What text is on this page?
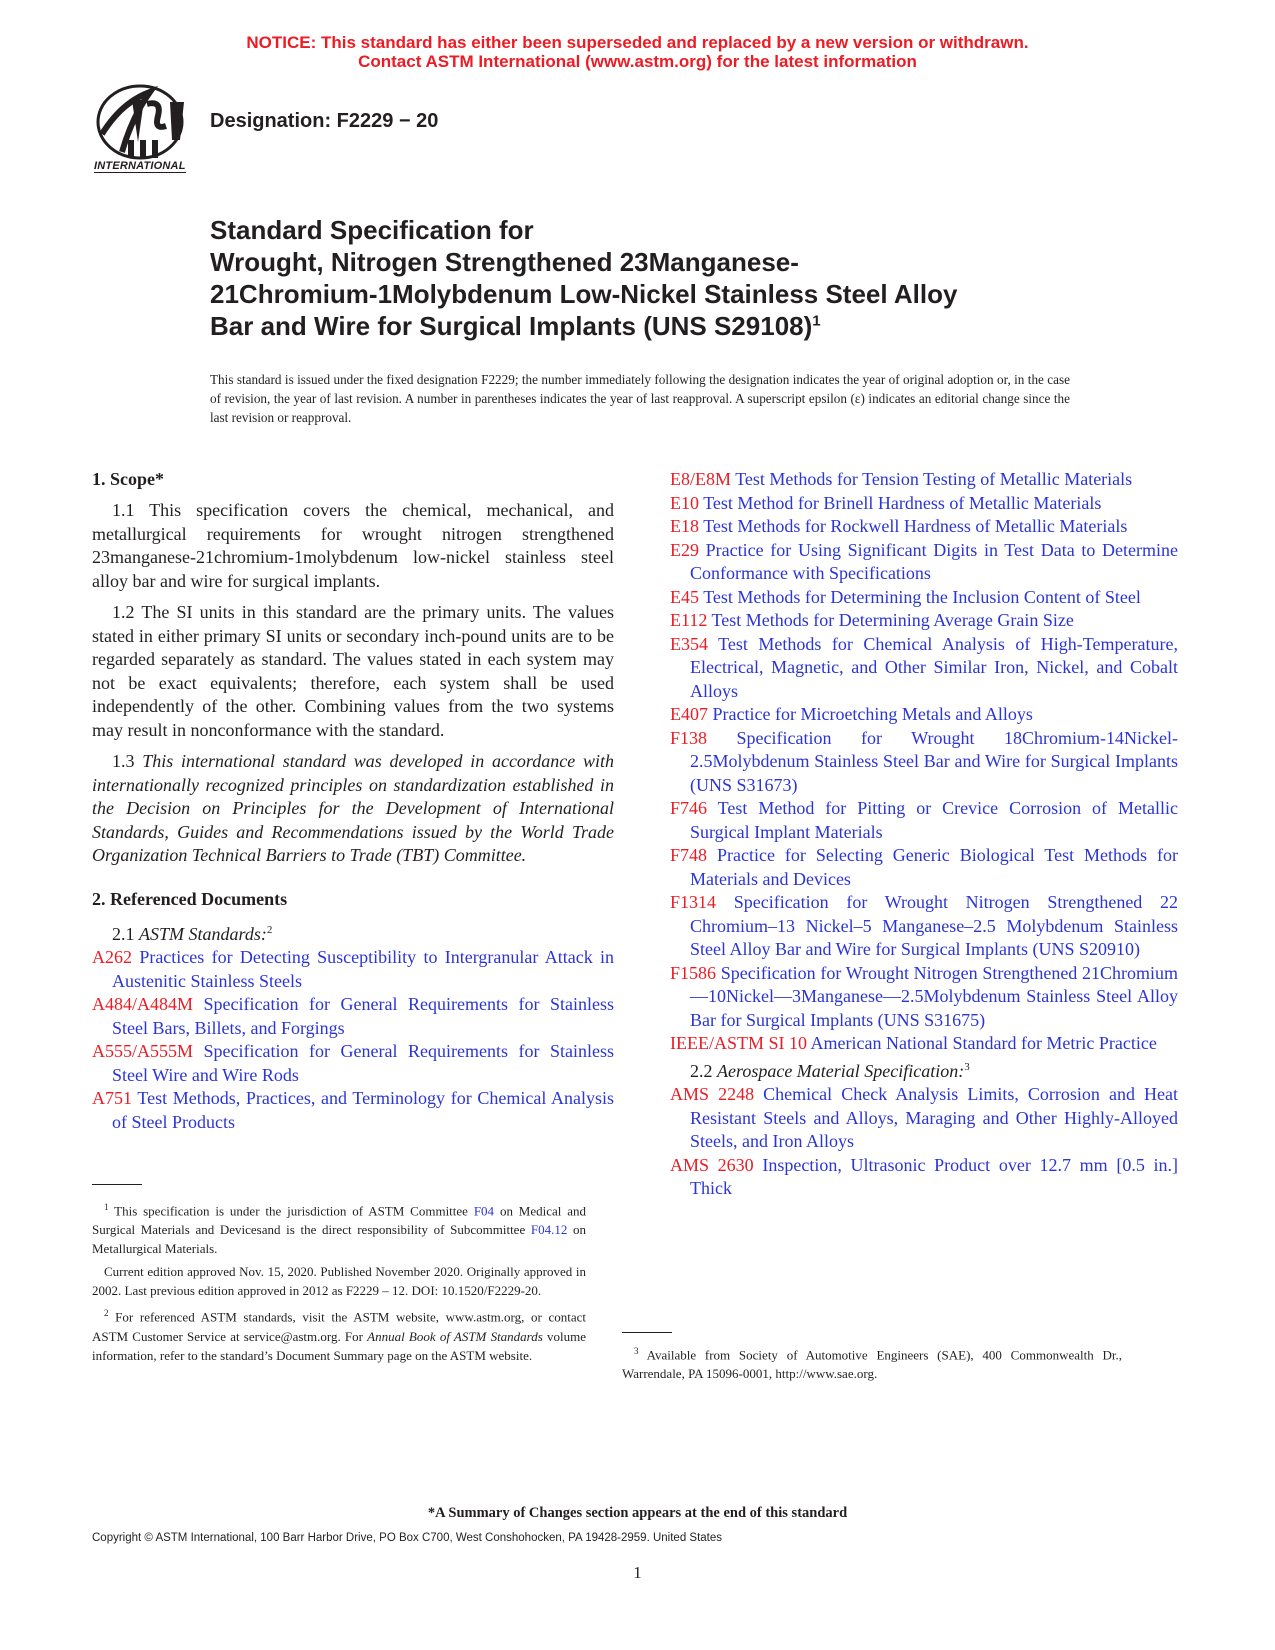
NOTICE: This standard has either been superseded and replaced by a new version or withdrawn.
Contact ASTM International (www.astm.org) for the latest information
INTERNATIONAL
Designation: F2229 − 20
Standard Specification for
Wrought, Nitrogen Strengthened 23Manganese-
21Chromium-1Molybdenum Low-Nickel Stainless Steel Alloy
Bar and Wire for Surgical Implants (UNS S29108)$^1$
This standard is issued under the fixed designation F2229; the number immediately following the designation indicates the year of original adoption or, in the case of revision, the year of last revision. A number in parentheses indicates the year of last reapproval. A superscript epsilon (ε) indicates an editorial change since the last revision or reapproval.
1. Scope*

1.1 This specification covers the chemical, mechanical, and metallurgical requirements for wrought nitrogen strengthened 23manganese-21chromium-1molybdenum low-nickel stainless steel alloy bar and wire for surgical implants.

1.2 The SI units in this standard are the primary units. The values stated in either primary SI units or secondary inch-pound units are to be regarded separately as standard. The values stated in each system may not be exact equivalents; therefore, each system shall be used independently of the other. Combining values from the two systems may result in nonconformance with the standard.

1.3 This international standard was developed in accordance with internationally recognized principles on standardization established in the Decision on Principles for the Development of International Standards, Guides and Recommendations issued by the World Trade Organization Technical Barriers to Trade (TBT) Committee.

2. Referenced Documents

2.1 ASTM Standards:$^2$

A262 Practices for Detecting Susceptibility to Intergranular Attack in Austenitic Stainless Steels

A484/A484M Specification for General Requirements for Stainless Steel Bars, Billets, and Forgings

A555/A555M Specification for General Requirements for Stainless Steel Wire and Wire Rods

A751 Test Methods, Practices, and Terminology for Chemical Analysis of Steel Products

E8/E8M Test Methods for Tension Testing of Metallic Materials

E10 Test Method for Brinell Hardness of Metallic Materials

E18 Test Methods for Rockwell Hardness of Metallic Materials

E29 Practice for Using Significant Digits in Test Data to Determine Conformance with Specifications

E45 Test Methods for Determining the Inclusion Content of Steel

E112 Test Methods for Determining Average Grain Size

E354 Test Methods for Chemical Analysis of High-Temperature, Electrical, Magnetic, and Other Similar Iron, Nickel, and Cobalt Alloys

E407 Practice for Microetching Metals and Alloys

F138 Specification for Wrought 18Chromium-14Nickel-2.5Molybdenum Stainless Steel Bar and Wire for Surgical Implants (UNS S31673)

F746 Test Method for Pitting or Crevice Corrosion of Metallic Surgical Implant Materials

F748 Practice for Selecting Generic Biological Test Methods for Materials and Devices

F1314 Specification for Wrought Nitrogen Strengthened 22 Chromium–13 Nickel–5 Manganese–2.5 Molybdenum Stainless Steel Alloy Bar and Wire for Surgical Implants (UNS S20910)

F1586 Specification for Wrought Nitrogen Strengthened 21Chromium—10Nickel—3Manganese—2.5Molybdenum Stainless Steel Alloy Bar for Surgical Implants (UNS S31675)

IEEE/ASTM SI 10 American National Standard for Metric Practice

2.2 Aerospace Material Specification:$^3$

AMS 2248 Chemical Check Analysis Limits, Corrosion and Heat Resistant Steels and Alloys, Maraging and Other Highly-Alloyed Steels, and Iron Alloys

AMS 2630 Inspection, Ultrasonic Product over 12.7 mm [0.5 in.] Thick

$^1$ This specification is under the jurisdiction of ASTM Committee F04 on Medical and Surgical Materials and Devicesand is the direct responsibility of Subcommittee F04.12 on Metallurgical Materials.

Current edition approved Nov. 15, 2020. Published November 2020. Originally approved in 2002. Last previous edition approved in 2012 as F2229 – 12. DOI: 10.1520/F2229-20.

$^2$ For referenced ASTM standards, visit the ASTM website, www.astm.org, or contact ASTM Customer Service at service@astm.org. For Annual Book of ASTM Standards volume information, refer to the standard’s Document Summary page on the ASTM website.	$^3$ Available from Society of Automotive Engineers (SAE), 400 Commonwealth Dr., Warrendale, PA 15096-0001, http://www.sae.org.

*A Summary of Changes section appears at the end of this standard
Copyright © ASTM International, 100 Barr Harbor Drive, PO Box C700, West Conshohocken, PA 19428-2959. United States
1
